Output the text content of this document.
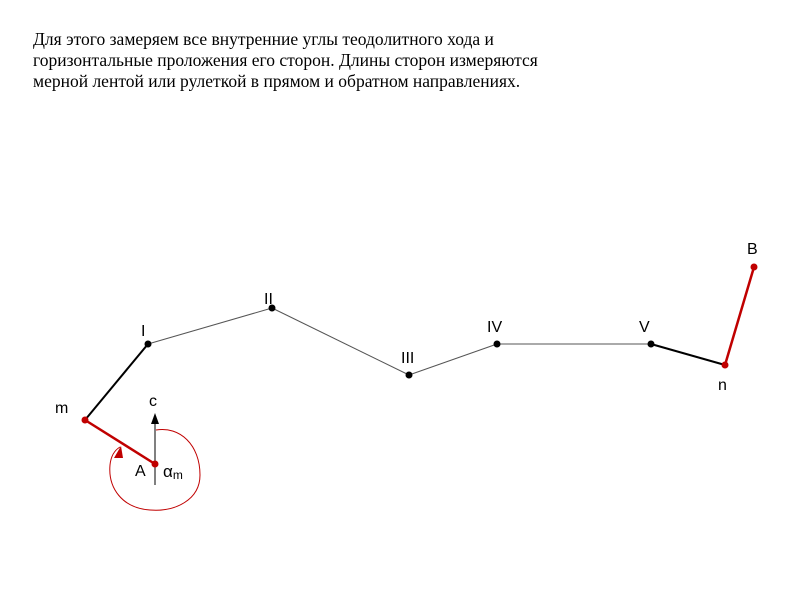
Для этого замеряем все внутренние углы теодолитного хода и
горизонтальные проложения его сторон. Длины сторон измеряются
мерной лентой или рулеткой в прямом и обратном направлениях.
A
m
I
II
III
IV	V
n
B
c
αm
